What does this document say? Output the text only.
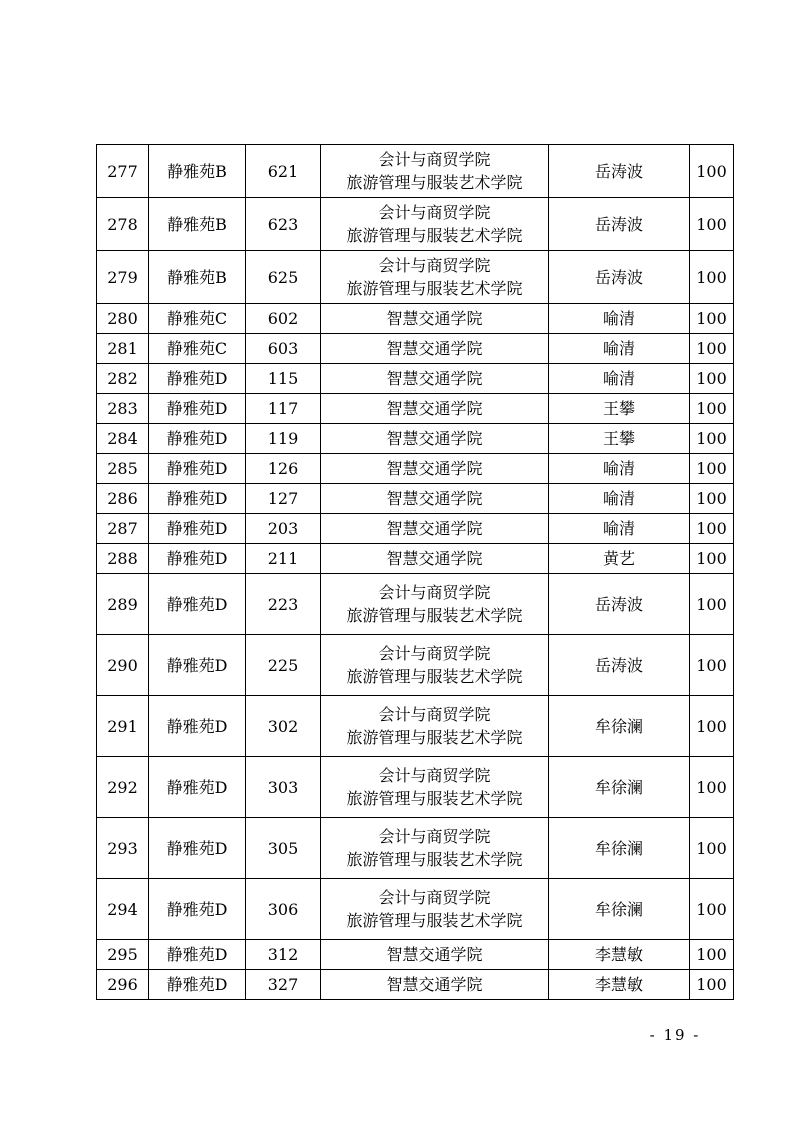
277	静雅苑B	621	会计与商贸学院
旅游管理与服装艺术学院	岳涛波	100
278	静雅苑B	623	会计与商贸学院
旅游管理与服装艺术学院	岳涛波	100
279	静雅苑B	625	会计与商贸学院
旅游管理与服装艺术学院	岳涛波	100
280	静雅苑C	602	智慧交通学院	喻清	100
281	静雅苑C	603	智慧交通学院	喻清	100
282	静雅苑D	115	智慧交通学院	喻清	100
283	静雅苑D	117	智慧交通学院	王攀	100
284	静雅苑D	119	智慧交通学院	王攀	100
285	静雅苑D	126	智慧交通学院	喻清	100
286	静雅苑D	127	智慧交通学院	喻清	100
287	静雅苑D	203	智慧交通学院	喻清	100
288	静雅苑D	211	智慧交通学院	黄艺	100
289	静雅苑D	223	会计与商贸学院
旅游管理与服装艺术学院	岳涛波	100
290	静雅苑D	225	会计与商贸学院
旅游管理与服装艺术学院	岳涛波	100
291	静雅苑D	302	会计与商贸学院
旅游管理与服装艺术学院	牟徐澜	100
292	静雅苑D	303	会计与商贸学院
旅游管理与服装艺术学院	牟徐澜	100
293	静雅苑D	305	会计与商贸学院
旅游管理与服装艺术学院	牟徐澜	100
294	静雅苑D	306	会计与商贸学院
旅游管理与服装艺术学院	牟徐澜	100
295	静雅苑D	312	智慧交通学院	李慧敏	100
296	静雅苑D	327	智慧交通学院	李慧敏	100
- 19 -
